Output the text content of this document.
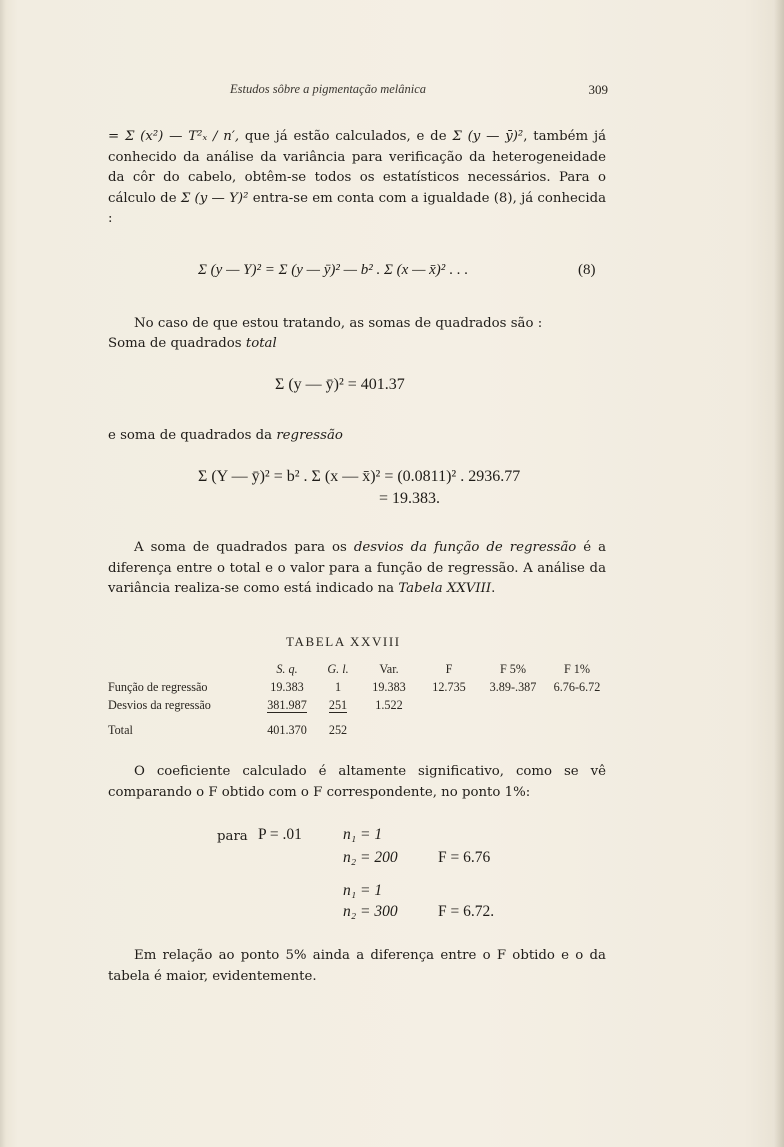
Estudos sôbre a pigmentação melânica	309
= Σ (x²) — T²ₓ / n′, que já estão calculados, e de Σ (y — ȳ)², também já conhecido da análise da variância para verificação da heterogeneidade da côr do cabelo, obtêm-se todos os estatísticos necessários. Para o cálculo de Σ (y — Y)² entra-se em conta com a igualdade (8), já conhecida :
Σ (y — Y)² = Σ (y — ȳ)² — b² . Σ (x — x̄)² . . .	(8)
No caso de que estou tratando, as somas de quadrados são :
Soma de quadrados total
Σ (y — ȳ)² = 401.37
e soma de quadrados da regressão
Σ (Y — ȳ)² = b² . Σ (x — x̄)² = (0.0811)² . 2936.77
= 19.383.
A soma de quadrados para os desvios da função de regressão é a diferença entre o total e o valor para a função de regressão. A análise da variância realiza-se como está indicado na Tabela XXVIII.
TABELA XXVIII
	S. q.	G. l.	Var.	F	F 5%	F 1%
Função de regressão	19.383	1	19.383	12.735	3.89-.387	6.76-6.72
Desvios da regressão	381.987	251	1.522			
Total	401.370	252				
O coeficiente calculado é altamente significativo, como se vê comparando o F obtido com o F correspondente, no ponto 1%:
para P = .01	n₁ = 1
n₂ = 200	F = 6.76
n₁ = 1
n₂ = 300	F = 6.72.
Em relação ao ponto 5% ainda a diferença entre o F obtido e o da tabela é maior, evidentemente.
